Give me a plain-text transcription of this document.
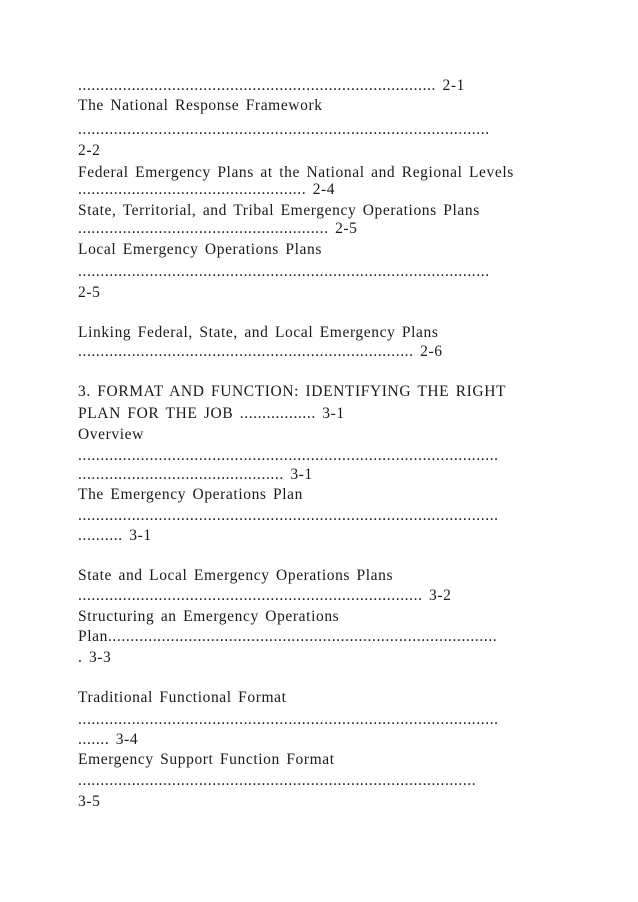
................................................................................ 2-1
The National Response Framework
............................................................................................
2-2
Federal Emergency Plans at the National and Regional Levels
................................................... 2-4
State, Territorial, and Tribal Emergency Operations Plans
........................................................ 2-5
Local Emergency Operations Plans
............................................................................................
2-5
Linking Federal, State, and Local Emergency Plans
........................................................................... 2-6
3. FORMAT AND FUNCTION: IDENTIFYING THE RIGHT
PLAN FOR THE JOB ................. 3-1
Overview
..............................................................................................
.............................................. 3-1
The Emergency Operations Plan
..............................................................................................
.......... 3-1
State and Local Emergency Operations Plans
............................................................................. 3-2
Structuring an Emergency Operations
Plan.......................................................................................
. 3-3
Traditional Functional Format
..............................................................................................
....... 3-4
Emergency Support Function Format
.........................................................................................
3-5
